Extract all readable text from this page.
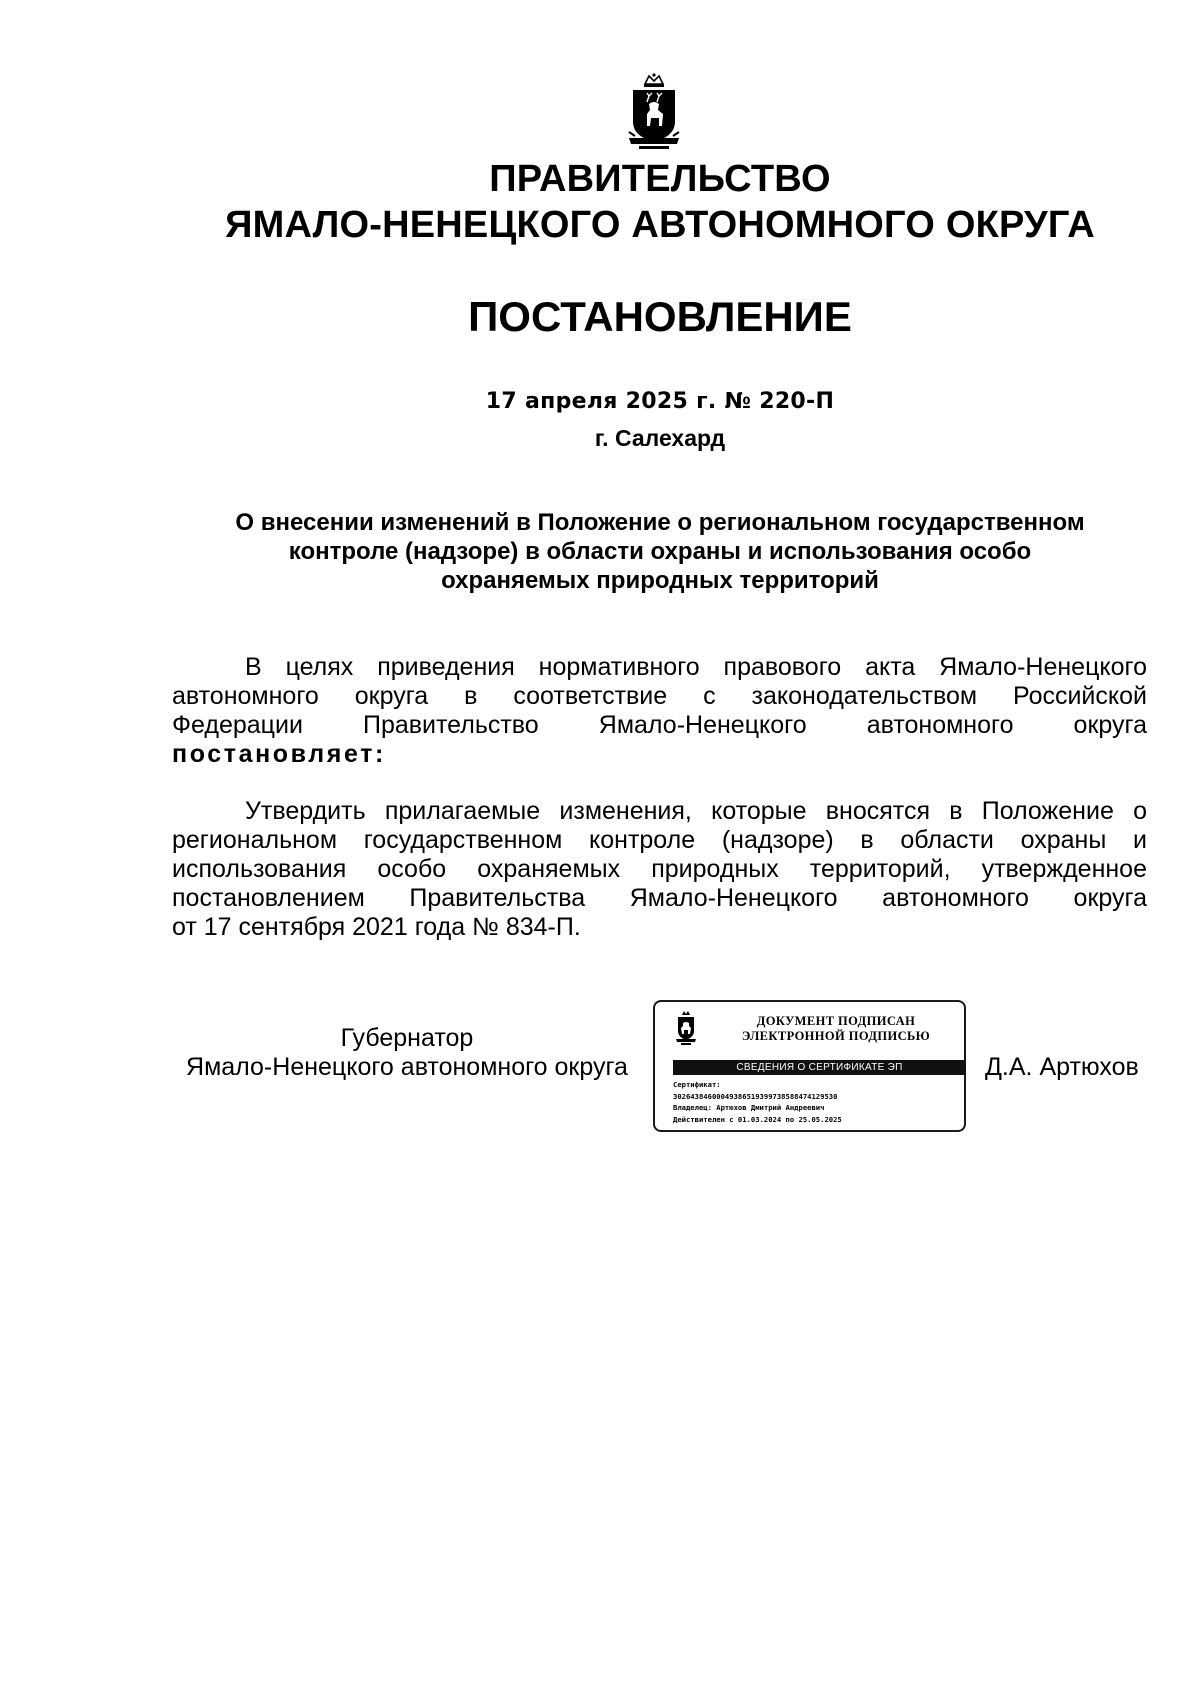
ПРАВИТЕЛЬСТВО
ЯМАЛО-НЕНЕЦКОГО АВТОНОМНОГО ОКРУГА
ПОСТАНОВЛЕНИЕ
17 апреля 2025 г. № 220-П
г. Салехард
О внесении изменений в Положение о региональном государственном
контроле (надзоре) в области охраны и использования особо
охраняемых природных территорий
В целях приведения нормативного правового акта Ямало-Ненецкого
автономного округа в соответствие с законодательством Российской
Федерации Правительство Ямало-Ненецкого автономного округа
постановляет:
Утвердить прилагаемые изменения, которые вносятся в Положение о
региональном государственном контроле (надзоре) в области охраны и
использования особо охраняемых природных территорий, утвержденное
постановлением Правительства Ямало-Ненецкого автономного округа
от 17 сентября 2021 года № 834-П.
Губернатор
Ямало-Ненецкого автономного округа
ДОКУМЕНТ ПОДПИСАН
ЭЛЕКТРОННОЙ ПОДПИСЬЮ
СВЕДЕНИЯ О СЕРТИФИКАТЕ ЭП
Сертификат:
302643846000493865193997385884741295​30
Владелец: Артюхов Дмитрий Андреевич
Действителен с 01.03.2024 по 25.05.2025
Д.А. Артюхов
